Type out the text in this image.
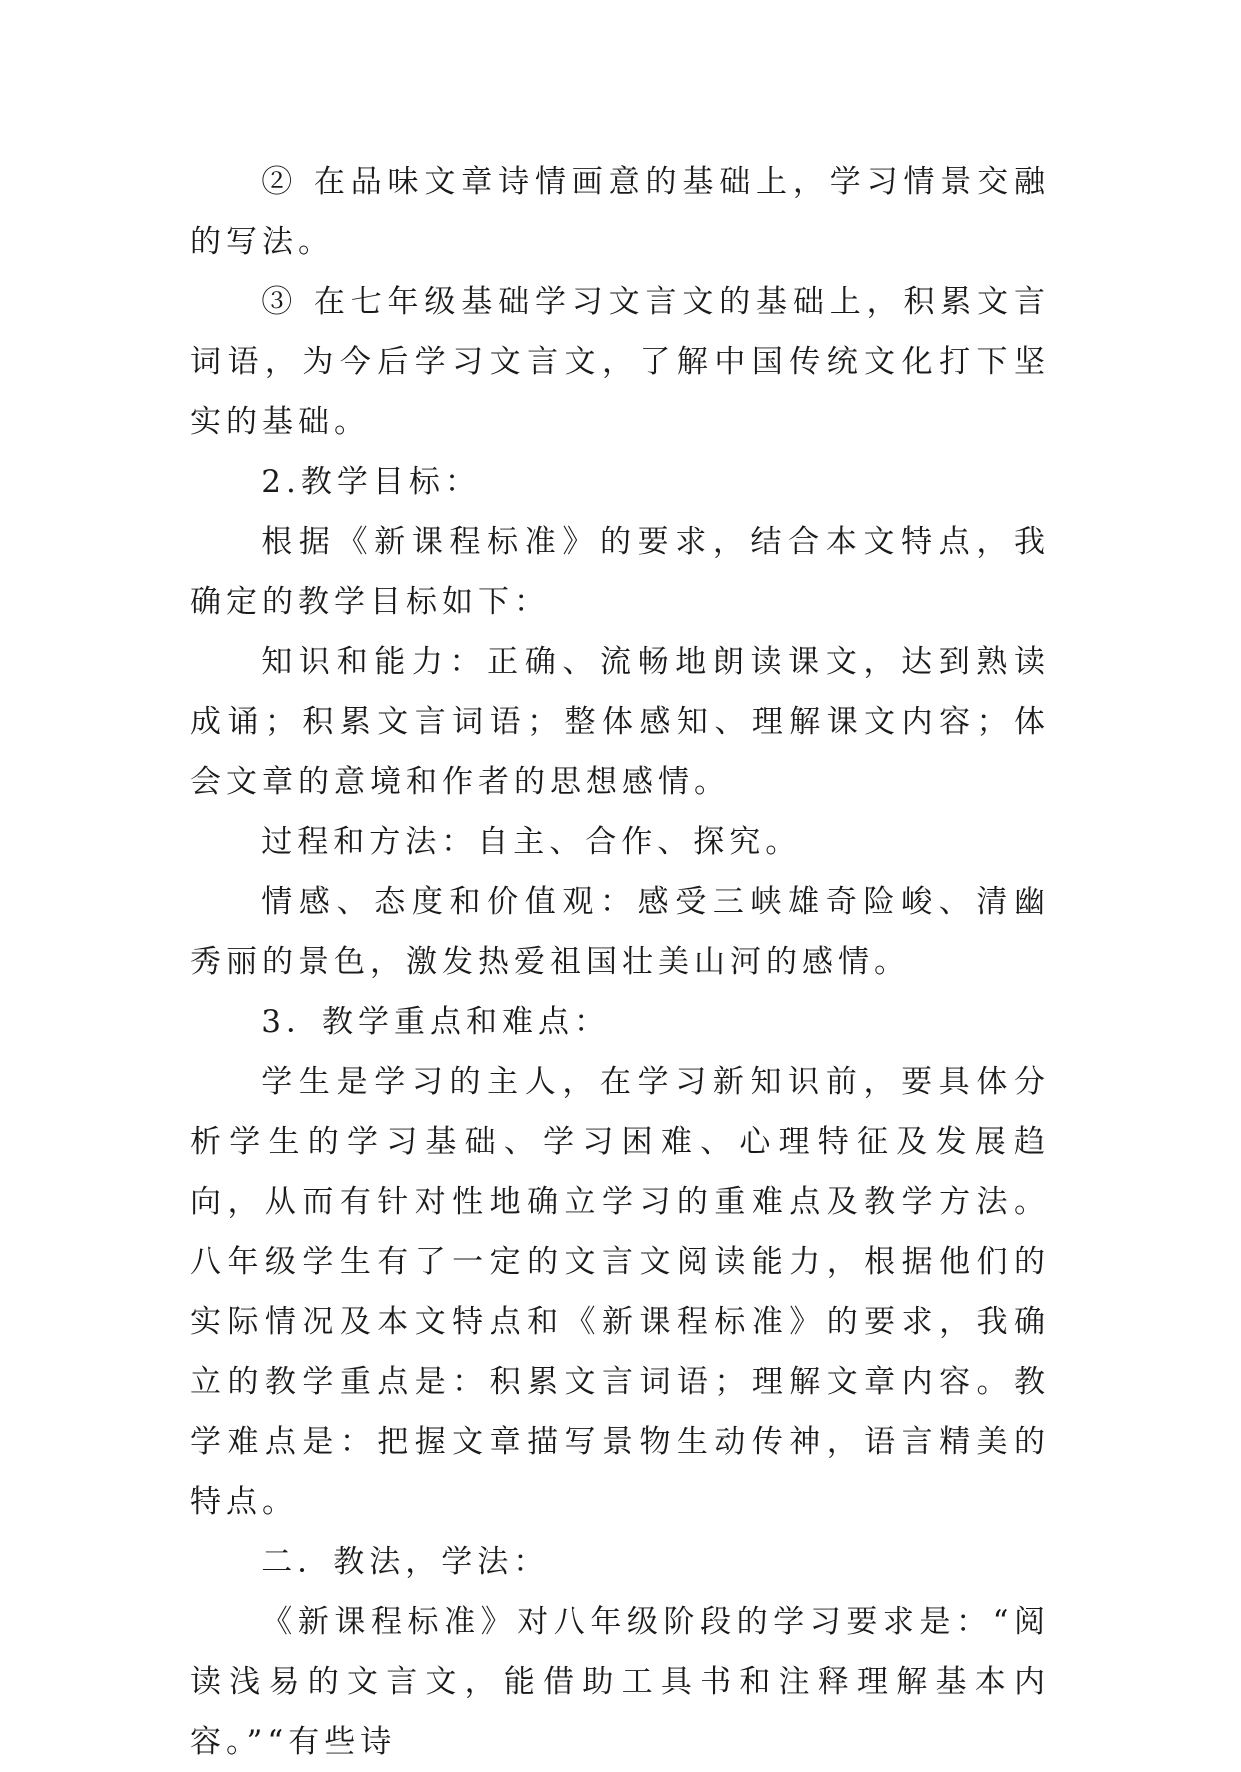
② 在品味文章诗情画意的基础上，学习情景交融的写法。

③ 在七年级基础学习文言文的基础上，积累文言词语，为今后学习文言文，了解中国传统文化打下坚实的基础。

2.教学目标：

根据《新课程标准》的要求，结合本文特点，我确定的教学目标如下：

知识和能力：正确、流畅地朗读课文，达到熟读成诵；积累文言词语；整体感知、理解课文内容；体会文章的意境和作者的思想感情。

过程和方法：自主、合作、探究。

情感、态度和价值观：感受三峡雄奇险峻、清幽秀丽的景色，激发热爱祖国壮美山河的感情。

3．教学重点和难点：

学生是学习的主人，在学习新知识前，要具体分析学生的学习基础、学习困难、心理特征及发展趋向，从而有针对性地确立学习的重难点及教学方法。八年级学生有了一定的文言文阅读能力，根据他们的实际情况及本文特点和《新课程标准》的要求，我确立的教学重点是：积累文言词语；理解文章内容。教学难点是：把握文章描写景物生动传神，语言精美的特点。

二．教法，学法：

《新课程标准》对八年级阶段的学习要求是：“阅读浅易的文言文，能借助工具书和注释理解基本内容。”“有些诗
